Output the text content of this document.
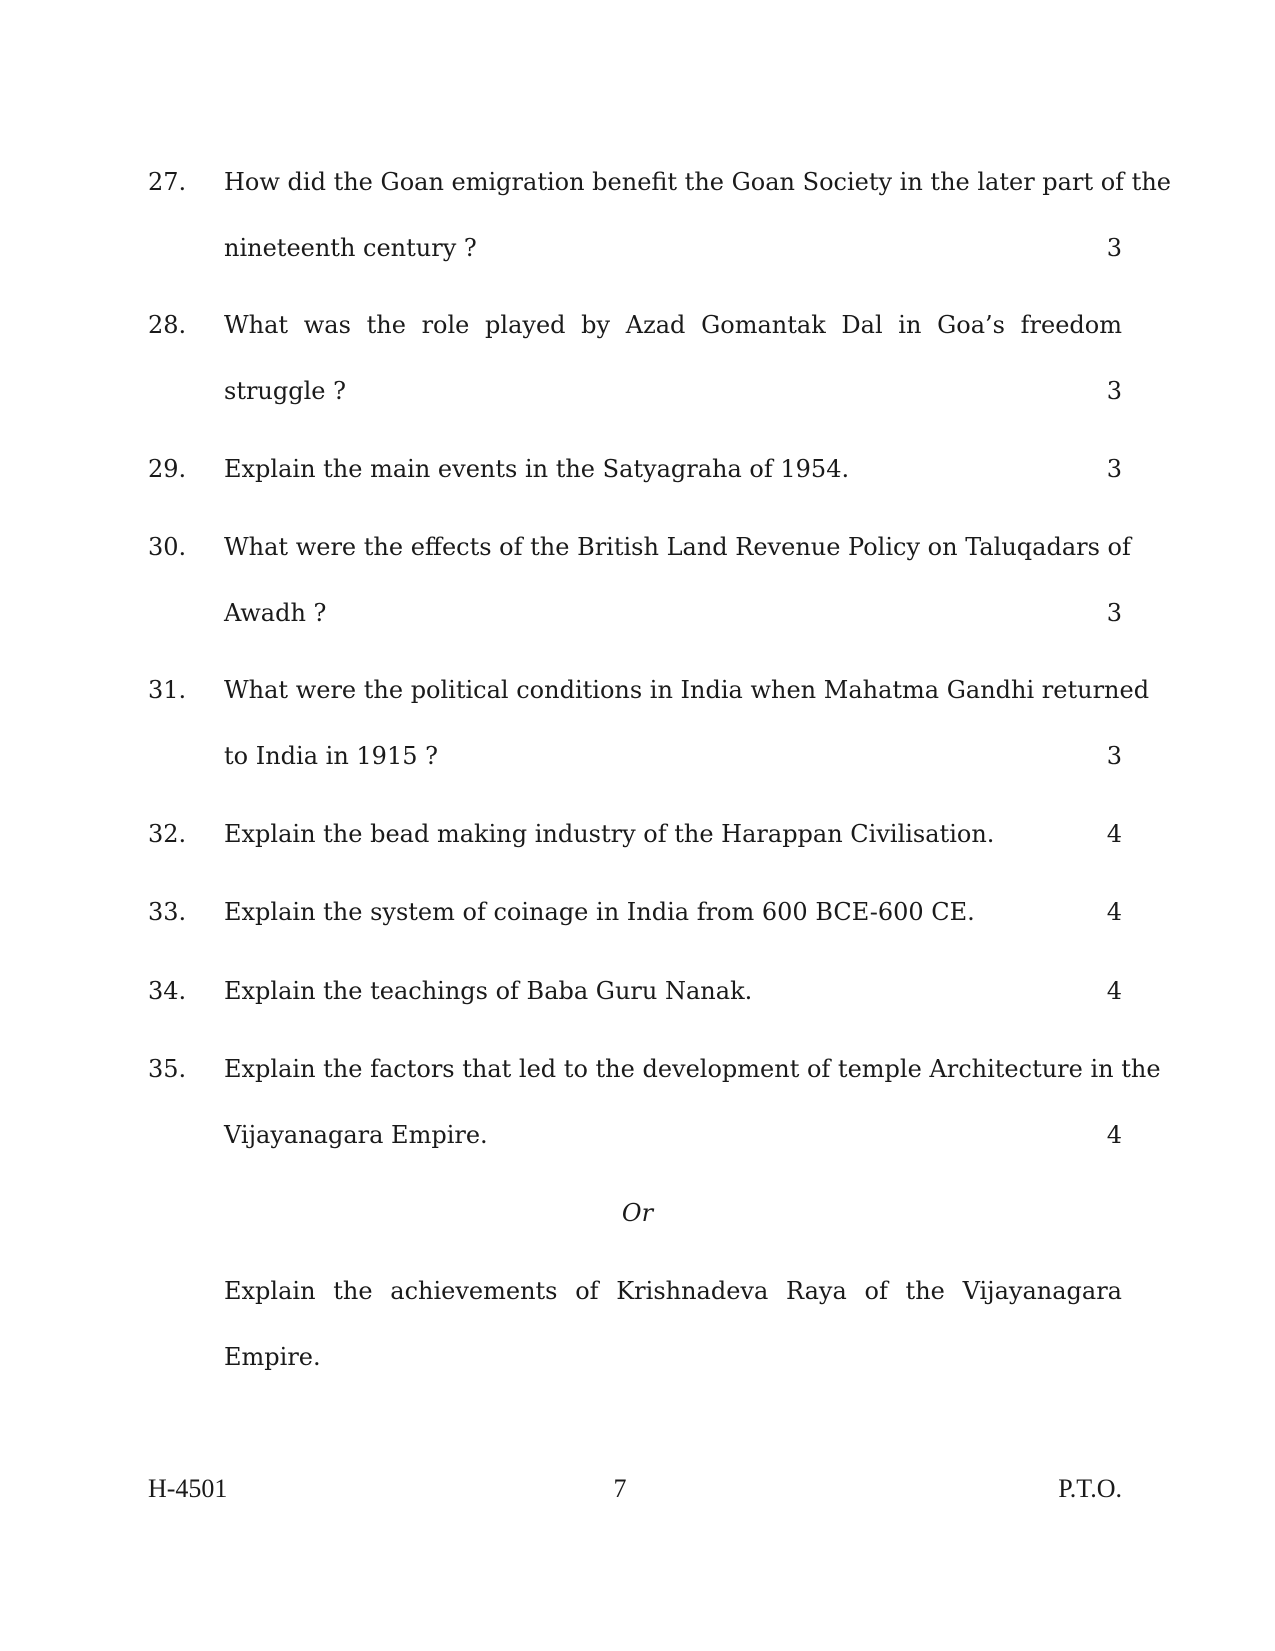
27.	How did the Goan emigration benefit the Goan Society in the later part of the
nineteenth century ?	3
28.	What was the role played by Azad Gomantak Dal in Goa’s freedom
struggle ?	3
29.	Explain the main events in the Satyagraha of 1954.	3
30.	What were the effects of the British Land Revenue Policy on Taluqadars of
Awadh ?	3
31.	What were the political conditions in India when Mahatma Gandhi returned
to India in 1915 ?	3
32.	Explain the bead making industry of the Harappan Civilisation.	4
33.	Explain the system of coinage in India from 600 BCE-600 CE.	4
34.	Explain the teachings of Baba Guru Nanak.	4
35.	Explain the factors that led to the development of temple Architecture in the
Vijayanagara Empire.	4
Or
Explain the achievements of Krishnadeva Raya of the Vijayanagara
Empire.
H-4501	7	P.T.O.
